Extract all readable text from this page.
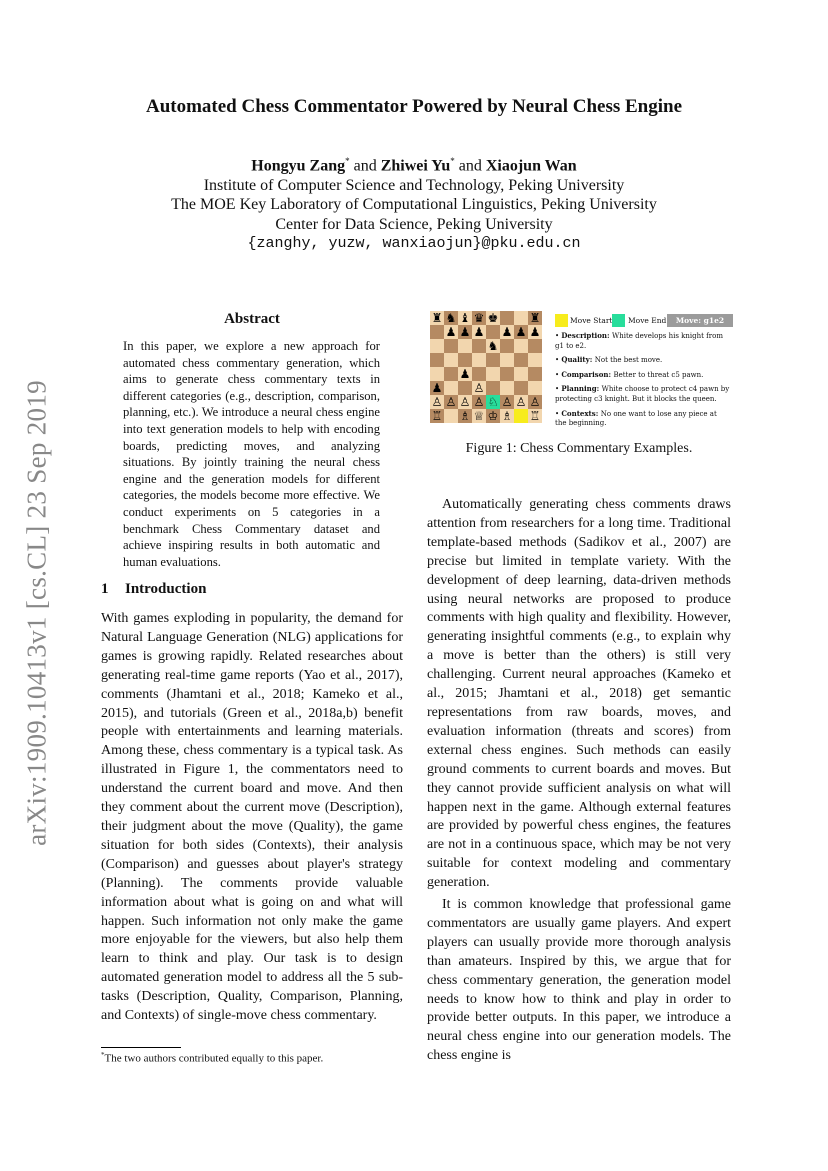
arXiv:1909.10413v1 [cs.CL] 23 Sep 2019
Automated Chess Commentator Powered by Neural Chess Engine
Hongyu Zang* and Zhiwei Yu* and Xiaojun Wan
Institute of Computer Science and Technology, Peking University
The MOE Key Laboratory of Computational Linguistics, Peking University
Center for Data Science, Peking University
{zanghy, yuzw, wanxiaojun}@pku.edu.cn
Abstract
In this paper, we explore a new approach for automated chess commentary generation, which aims to generate chess commentary texts in different categories (e.g., description, comparison, planning, etc.). We introduce a neural chess engine into text generation models to help with encoding boards, predicting moves, and analyzing situations. By jointly training the neural chess engine and the generation models for different categories, the models become more effective. We conduct experiments on 5 categories in a benchmark Chess Commentary dataset and achieve inspiring results in both automatic and human evaluations.
1 Introduction

With games exploding in popularity, the demand for Natural Language Generation (NLG) applications for games is growing rapidly. Related researches about generating real-time game reports (Yao et al., 2017), comments (Jhamtani et al., 2018; Kameko et al., 2015), and tutorials (Green et al., 2018a,b) benefit people with entertainments and learning materials. Among these, chess commentary is a typical task. As illustrated in Figure 1, the commentators need to understand the current board and move. And then they comment about the current move (Description), their judgment about the move (Quality), the game situation for both sides (Contexts), their analysis (Comparison) and guesses about player's strategy (Planning). The comments provide valuable information about what is going on and what will happen. Such information not only make the game more enjoyable for the viewers, but also help them learn to think and play. Our task is to design automated generation model to address all the 5 sub-tasks (Description, Quality, Comparison, Planning, and Contexts) of single-move chess commentary.

*The two authors contributed equally to this paper.
♜ ♞ ♝ ♛ ♚	♜
♟ ♟ ♟ ♟ ♟ ♟
♞
♟
♟	♙
♙ ♙ ♙ ♙ ♘ ♙ ♙ ♙
♖ ♗ ♕ ♔ ♗ ♖
Move Start Move End	Move: g1e2
• Description: White develops his knight from g1 to e2.
• Quality: Not the best move.
• Comparison: Better to threat c5 pawn.
• Planning: White choose to protect c4 pawn by protecting c3 knight. But it blocks the queen.
• Contexts: No one want to lose any piece at the beginning.
Figure 1: Chess Commentary Examples.

Automatically generating chess comments draws attention from researchers for a long time. Traditional template-based methods (Sadikov et al., 2007) are precise but limited in template variety. With the development of deep learning, data-driven methods using neural networks are proposed to produce comments with high quality and flexibility. However, generating insightful comments (e.g., to explain why a move is better than the others) is still very challenging. Current neural approaches (Kameko et al., 2015; Jhamtani et al., 2018) get semantic representations from raw boards, moves, and evaluation information (threats and scores) from external chess engines. Such methods can easily ground comments to current boards and moves. But they cannot provide sufficient analysis on what will happen next in the game. Although external features are provided by powerful chess engines, the features are not in a continuous space, which may be not very suitable for context modeling and commentary generation.

It is common knowledge that professional game commentators are usually game players. And expert players can usually provide more thorough analysis than amateurs. Inspired by this, we argue that for chess commentary generation, the generation model needs to know how to think and play in order to provide better outputs. In this paper, we introduce a neural chess engine into our generation models. The chess engine is
